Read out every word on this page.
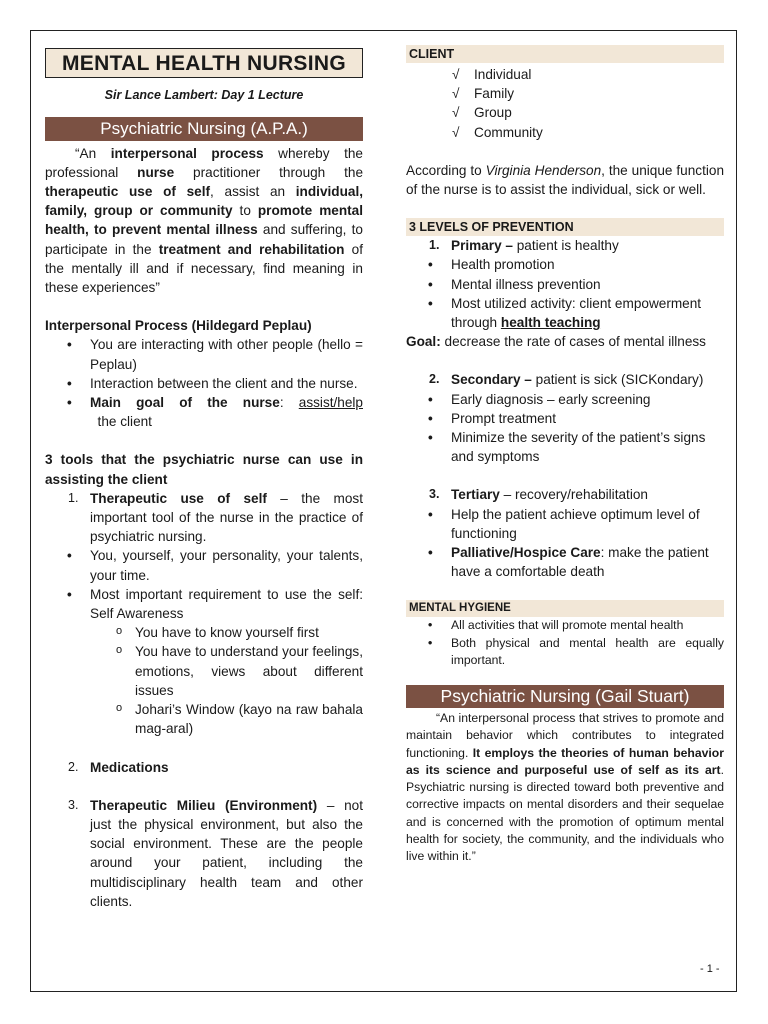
MENTAL HEALTH NURSING
Sir Lance Lambert: Day 1 Lecture
Psychiatric Nursing (A.P.A.)

“An interpersonal process whereby the professional nurse practitioner through the therapeutic use of self, assist an individual, family, group or community to promote mental health, to prevent mental illness and suffering, to participate in the treatment and rehabilitation of the mentally ill and if necessary, find meaning in these experiences”

Interpersonal Process (Hildegard Peplau)

• You are interacting with other people (hello = Peplau)
• Interaction between the client and the nurse.
• Main goal of the nurse: assist/help  the client

3 tools that the psychiatric nurse can use in assisting the client

1. Therapeutic use of self – the most important tool of the nurse in the practice of psychiatric nursing.
• You, yourself, your personality, your talents, your time.
• Most important requirement to use the self: Self Awareness
o You have to know yourself first
o You have to understand your feelings, emotions, views about different issues
o Johari’s Window (kayo na raw bahala mag-aral)
2. Medications
3. Therapeutic Milieu (Environment) – not just the physical environment, but also the social environment. These are the people around your patient, including the multidisciplinary health team and other clients.
CLIENT
√ Individual
√ Family
√ Group
√ Community

According to Virginia Henderson, the unique function of the nurse is to assist the individual, sick or well.

3 LEVELS OF PREVENTION
1. Primary – patient is healthy
• Health promotion
• Mental illness prevention
• Most utilized activity: client empowerment through health teaching

Goal: decrease the rate of cases of mental illness

2. Secondary – patient is sick (SICKondary)
• Early diagnosis – early screening
• Prompt treatment
• Minimize the severity of the patient’s signs and symptoms
3. Tertiary – recovery/rehabilitation
• Help the patient achieve optimum level of functioning
• Palliative/Hospice Care: make the patient have a comfortable death
MENTAL HYGIENE
• All activities that will promote mental health
• Both physical and mental health are equally important.
Psychiatric Nursing (Gail Stuart)

“An interpersonal process that strives to promote and maintain behavior which contributes to integrated functioning. It employs the theories of human behavior as its science and purposeful use of self as its art. Psychiatric nursing is directed toward both preventive and corrective impacts on mental disorders and their sequelae and is concerned with the promotion of optimum mental health for society, the community, and the individuals who live within it.”

- 1 -
